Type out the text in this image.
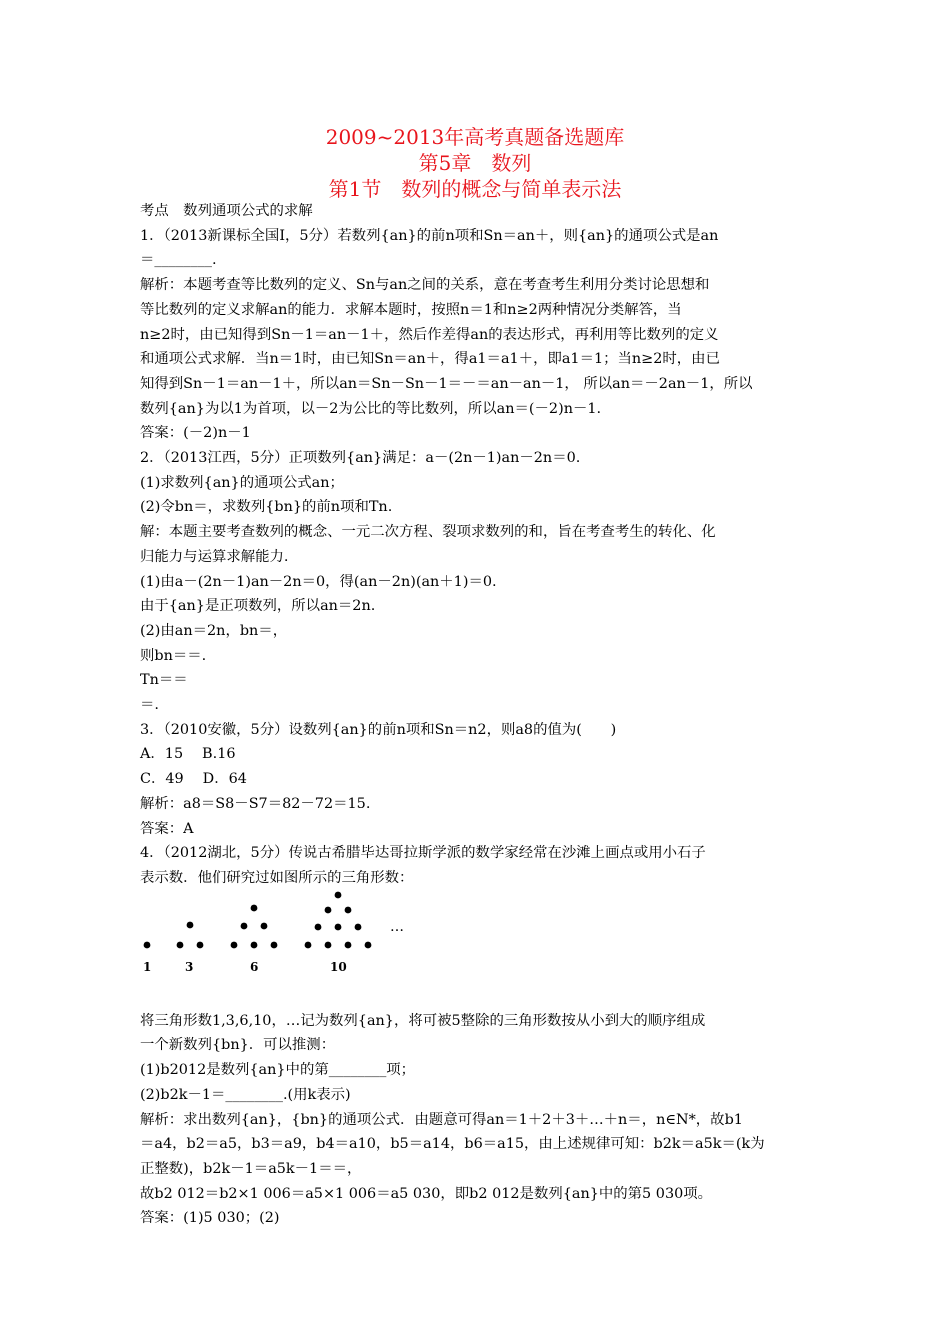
2009~2013年高考真题备选题库
第5章　数列
第1节　数列的概念与简单表示法

考点　数列通项公式的求解

1．（2013新课标全国Ⅰ，5分）若数列{an}的前n项和Sn＝an＋，则{an}的通项公式是an

＝________.

解析：本题考查等比数列的定义、Sn与an之间的关系，意在考查考生利用分类讨论思想和

等比数列的定义求解an的能力．求解本题时，按照n＝1和n≥2两种情况分类解答，当

n≥2时，由已知得到Sn－1＝an－1＋，然后作差得an的表达形式，再利用等比数列的定义

和通项公式求解．当n＝1时，由已知Sn＝an＋，得a1＝a1＋，即a1＝1；当n≥2时，由已

知得到Sn－1＝an－1＋，所以an＝Sn－Sn－1＝－＝an－an－1， 所以an＝－2an－1，所以

数列{an}为以1为首项，以－2为公比的等比数列，所以an＝(－2)n－1.

答案：(－2)n－1

2．（2013江西，5分）正项数列{an}满足：a－(2n－1)an－2n＝0.

(1)求数列{an}的通项公式an；

(2)令bn＝，求数列{bn}的前n项和Tn.

解：本题主要考查数列的概念、一元二次方程、裂项求数列的和，旨在考查考生的转化、化

归能力与运算求解能力.

(1)由a－(2n－1)an－2n＝0，得(an－2n)(an＋1)＝0.

由于{an}是正项数列，所以an＝2n.

(2)由an＝2n，bn＝，

则bn＝＝.

Tn＝＝

＝.

3．（2010安徽，5分）设数列{an}的前n项和Sn＝n2，则a8的值为(　　)

A．15　 B.16

C．49　 D．64

解析：a8＝S8－S7＝82－72＝15.

答案：A

4．（2012湖北，5分）传说古希腊毕达哥拉斯学派的数学家经常在沙滩上画点或用小石子

表示数．他们研究过如图所示的三角形数：

1	3	6	10
…

将三角形数1,3,6,10，…记为数列{an}，将可被5整除的三角形数按从小到大的顺序组成

一个新数列{bn}．可以推测：

(1)b2012是数列{an}中的第________项；

(2)b2k－1＝________.(用k表示)

解析：求出数列{an}，{bn}的通项公式．由题意可得an＝1＋2＋3＋…＋n＝，n∈N*，故b1

＝a4，b2＝a5，b3＝a9，b4＝a10，b5＝a14，b6＝a15，由上述规律可知：b2k＝a5k＝(k为

正整数)，b2k－1＝a5k－1＝＝，

故b2 012＝b2×1 006＝a5×1 006＝a5 030，即b2 012是数列{an}中的第5 030项。

答案：(1)5 030；(2)
